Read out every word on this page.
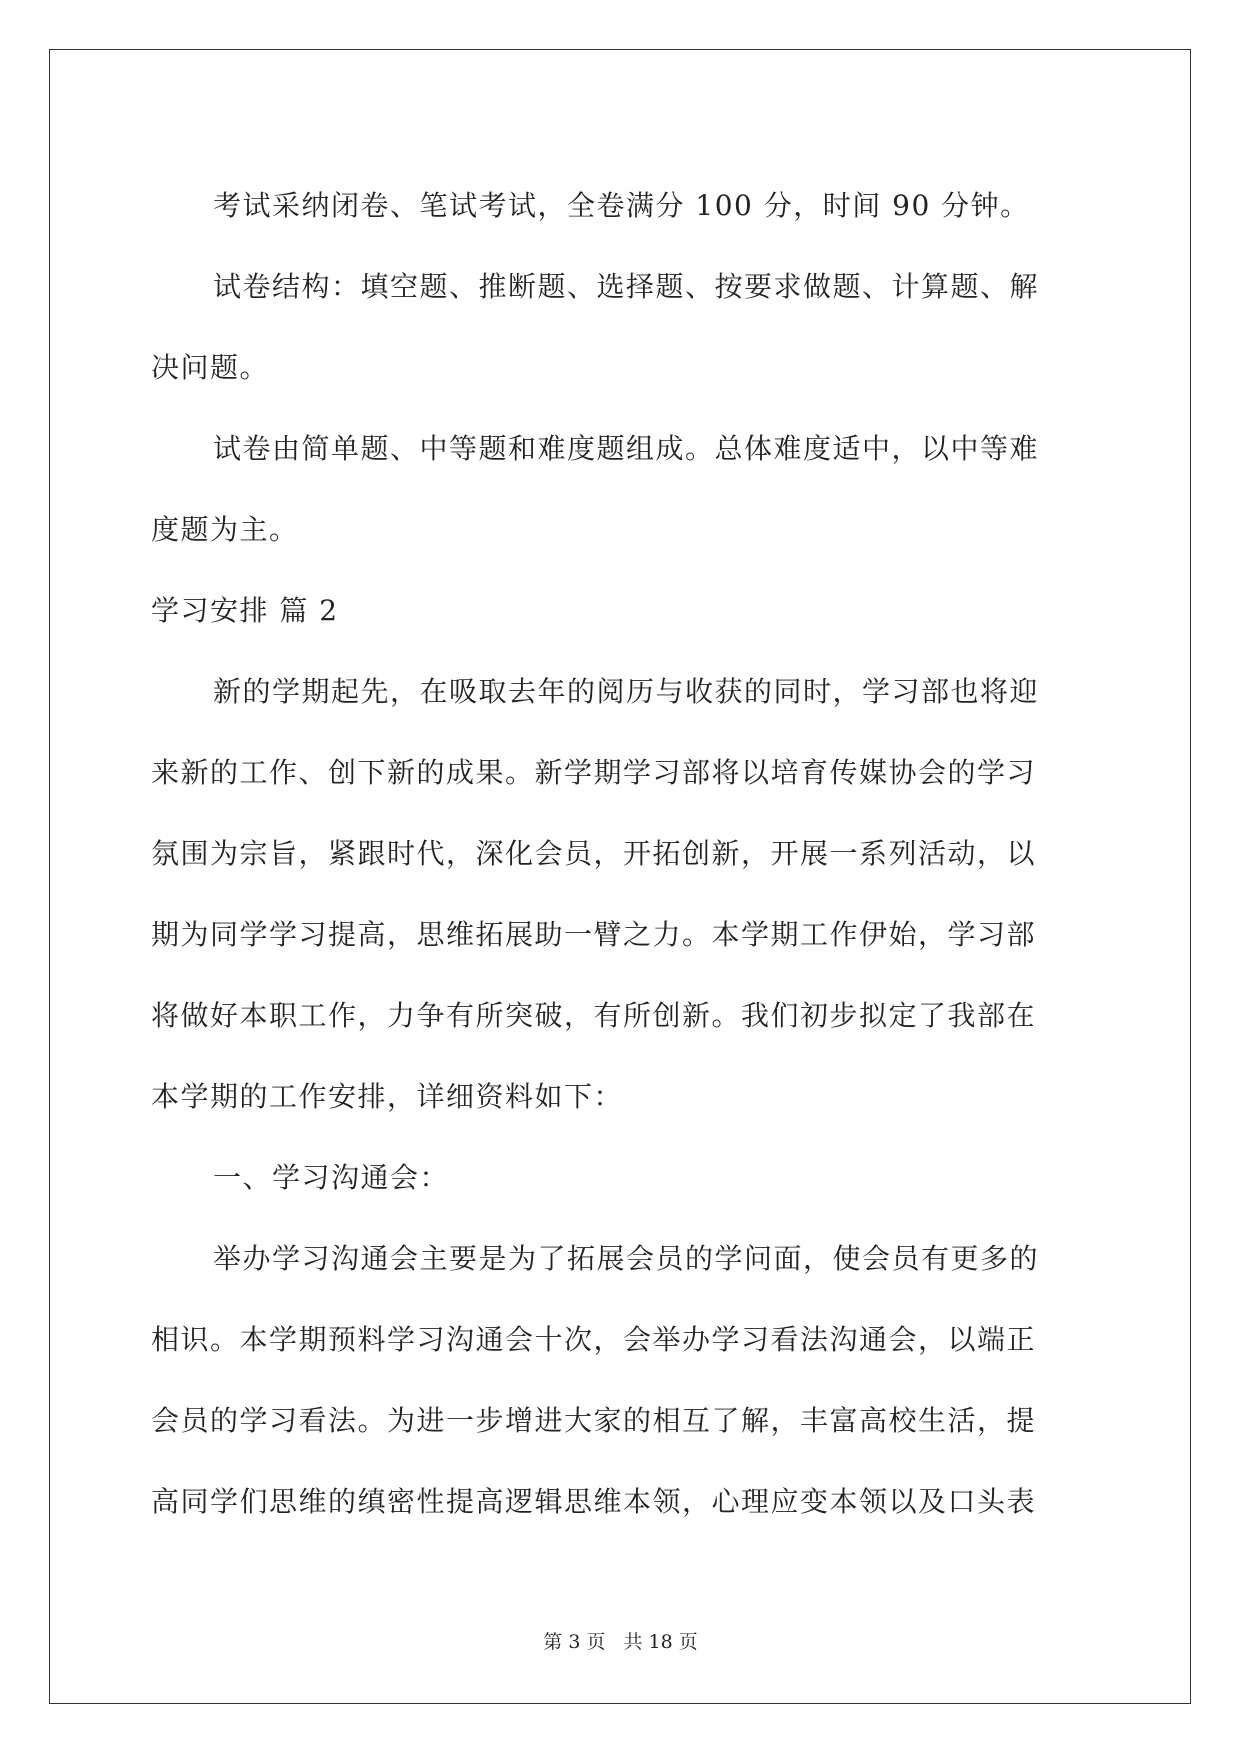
考试采纳闭卷、笔试考试，全卷满分 100 分，时间 90 分钟。

试卷结构：填空题、推断题、选择题、按要求做题、计算题、解

决问题。

试卷由简单题、中等题和难度题组成。总体难度适中，以中等难

度题为主。

学习安排 篇 2

新的学期起先，在吸取去年的阅历与收获的同时，学习部也将迎

来新的工作、创下新的成果。新学期学习部将以培育传媒协会的学习

氛围为宗旨，紧跟时代，深化会员，开拓创新，开展一系列活动，以

期为同学学习提高，思维拓展助一臂之力。本学期工作伊始，学习部

将做好本职工作，力争有所突破，有所创新。我们初步拟定了我部在

本学期的工作安排，详细资料如下：

一、学习沟通会：

举办学习沟通会主要是为了拓展会员的学问面，使会员有更多的

相识。本学期预料学习沟通会十次，会举办学习看法沟通会，以端正

会员的学习看法。为进一步增进大家的相互了解，丰富高校生活，提

高同学们思维的缜密性提高逻辑思维本领，心理应变本领以及口头表

第 3 页 共 18 页
